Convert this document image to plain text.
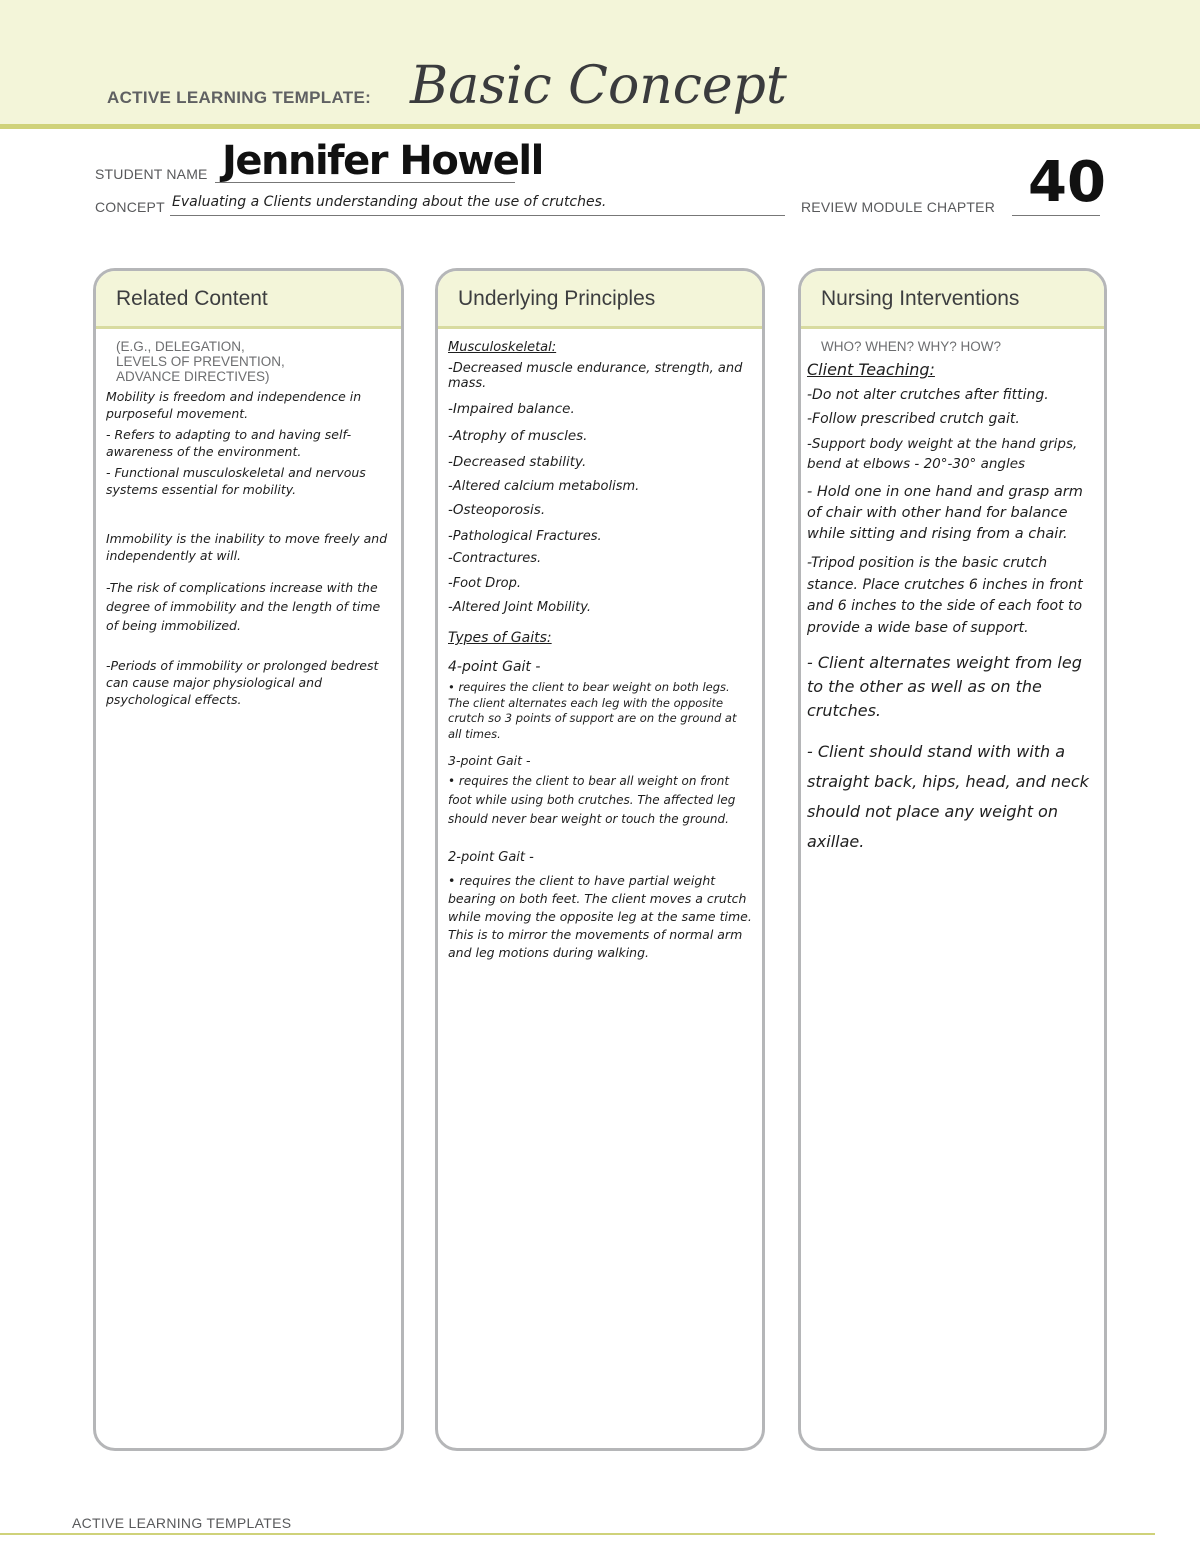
ACTIVE LEARNING TEMPLATE: Basic Concept
STUDENT NAME Jennifer Howell
CONCEPT Evaluating a Clients understanding about the use of crutches.	REVIEW MODULE CHAPTER 40
Related Content
(E.G., DELEGATION,
LEVELS OF PREVENTION,
ADVANCE DIRECTIVES)

Mobility is freedom and independence in purposeful movement.

- Refers to adapting to and having self-awareness of the environment.

- Functional musculoskeletal and nervous systems essential for mobility.

Immobility is the inability to move freely and independently at will.

-The risk of complications increase with the degree of immobility and the length of time of being immobilized.

-Periods of immobility or prolonged bedrest can cause major physiological and psychological effects.

Underlying Principles

Musculoskeletal:

-Decreased muscle endurance, strength, and mass.

-Impaired balance.

-Atrophy of muscles.

-Decreased stability.

-Altered calcium metabolism.

-Osteoporosis.

-Pathological Fractures.

-Contractures.

-Foot Drop.

-Altered Joint Mobility.

Types of Gaits:

4-point Gait -

• requires the client to bear weight on both legs. The client alternates each leg with the opposite crutch so 3 points of support are on the ground at all times.

3-point Gait -

• requires the client to bear all weight on front foot while using both crutches. The affected leg should never bear weight or touch the ground.

2-point Gait -

• requires the client to have partial weight bearing on both feet. The client moves a crutch while moving the opposite leg at the same time. This is to mirror the movements of normal arm and leg motions during walking.

Nursing Interventions
WHO? WHEN? WHY? HOW?

Client Teaching:

-Do not alter crutches after fitting.

-Follow prescribed crutch gait.

-Support body weight at the hand grips, bend at elbows - 20°-30° angles

- Hold one in one hand and grasp arm of chair with other hand for balance while sitting and rising from a chair.

-Tripod position is the basic crutch stance. Place crutches 6 inches in front and 6 inches to the side of each foot to provide a wide base of support.

- Client alternates weight from leg to the other as well as on the crutches.

- Client should stand with with a straight back, hips, head, and neck should not place any weight on axillae.

ACTIVE LEARNING TEMPLATES
